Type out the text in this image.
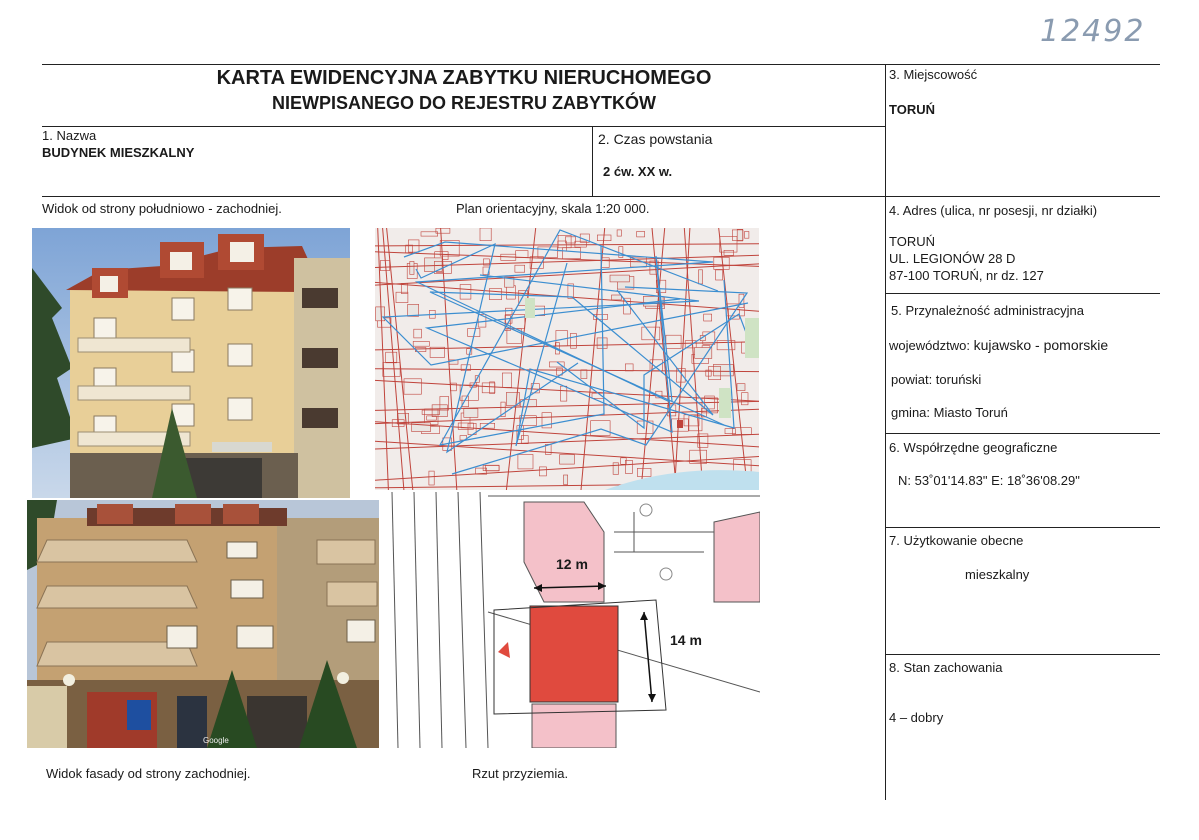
12492
KARTA EWIDENCYJNA ZABYTKU NIERUCHOMEGO
NIEWPISANEGO DO REJESTRU ZABYTKÓW
1. Nazwa
BUDYNEK MIESZKALNY
2. Czas powstania
2 ćw. XX w.
3. Miejscowość
TORUŃ
4. Adres (ulica, nr posesji, nr działki)
TORUŃ
UL. LEGIONÓW 28 D
87-100 TORUŃ, nr dz. 127
5. Przynależność administracyjna
województwo: kujawsko - pomorskie
powiat: toruński
gmina: Miasto Toruń
6. Współrzędne geograficzne
N: 53˚01'14.83" E: 18˚36'08.29"
7. Użytkowanie obecne
mieszkalny
8. Stan zachowania
4 – dobry
Widok od strony południowo - zachodniej.	Plan orientacyjny, skala 1:20 000.
Widok fasady od strony zachodniej.	Rzut przyziemia.
Google
12 m
14 m
